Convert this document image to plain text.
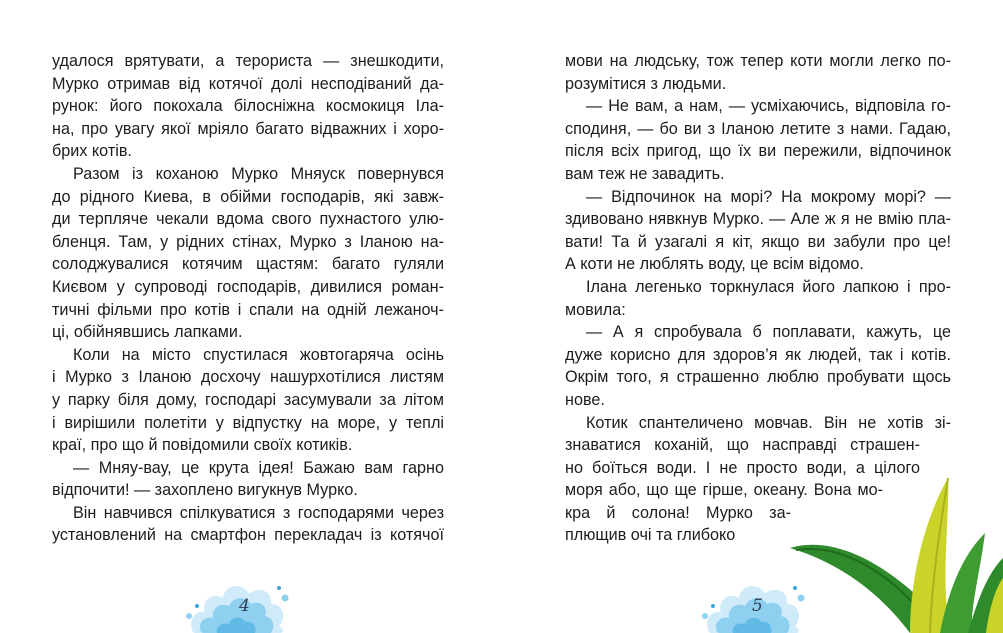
удалося врятувати, а терориста — знешкодити,
Мурко отримав від котячої долі несподіваний да-
рунок: його покохала білосніжна космокиця Іла-
на, про увагу якої мріяло багато відважних і хоро-
брих котів.
Разом із коханою Мурко Мняуск повернувся
до рідного Киева, в обійми господарів, які завж-
ди терпляче чекали вдома свого пухнастого улю-
бленця. Там, у рідних стінах, Мурко з Іланою на-
солоджувалися котячим щастям: багато гуляли
Києвом у супроводі господарів, дивилися роман-
тичні фільми про котів і спали на одній лежаноч-
ці, обійнявшись лапками.
Коли на місто спустилася жовтогаряча осінь
і Мурко з Іланою досхочу нашурхотілися листям
у парку біля дому, господарі засумували за літом
і вирішили полетіти у відпустку на море, у теплі
краї, про що й повідомили своїх котиків.
— Мняу-вау, це крута ідея! Бажаю вам гарно
відпочити! — захоплено вигукнув Мурко.
Він навчився спілкуватися з господарями через
установлений на смартфон перекладач із котячої
4
мови на людську, тож тепер коти могли легко по-
розумітися з людьми.
— Не вам, а нам, — усміхаючись, відповіла го-
сподиня, — бо ви з Іланою летите з нами. Гадаю,
після всіх пригод, що їх ви пережили, відпочинок
вам теж не завадить.
— Відпочинок на морі? На мокрому морі? —
здивовано нявкнув Мурко. — Але ж я не вмію пла-
вати! Та й узагалі я кіт, якщо ви забули про це!
А коти не люблять воду, це всім відомо.
Ілана легенько торкнулася його лапкою і про-
мовила:
— А я спробувала б поплавати, кажуть, це
дуже корисно для здоров’я як людей, так і котів.
Окрім того, я страшенно люблю пробувати щось
нове.
Котик спантеличено мовчав. Він не хотів зі-
знаватися коханій, що насправді страшен-
но боїться води. І не просто води, а цілого
моря або, що ще гірше, океану. Вона мо-
кра й солона! Мурко за-
плющив очі та глибоко
5
